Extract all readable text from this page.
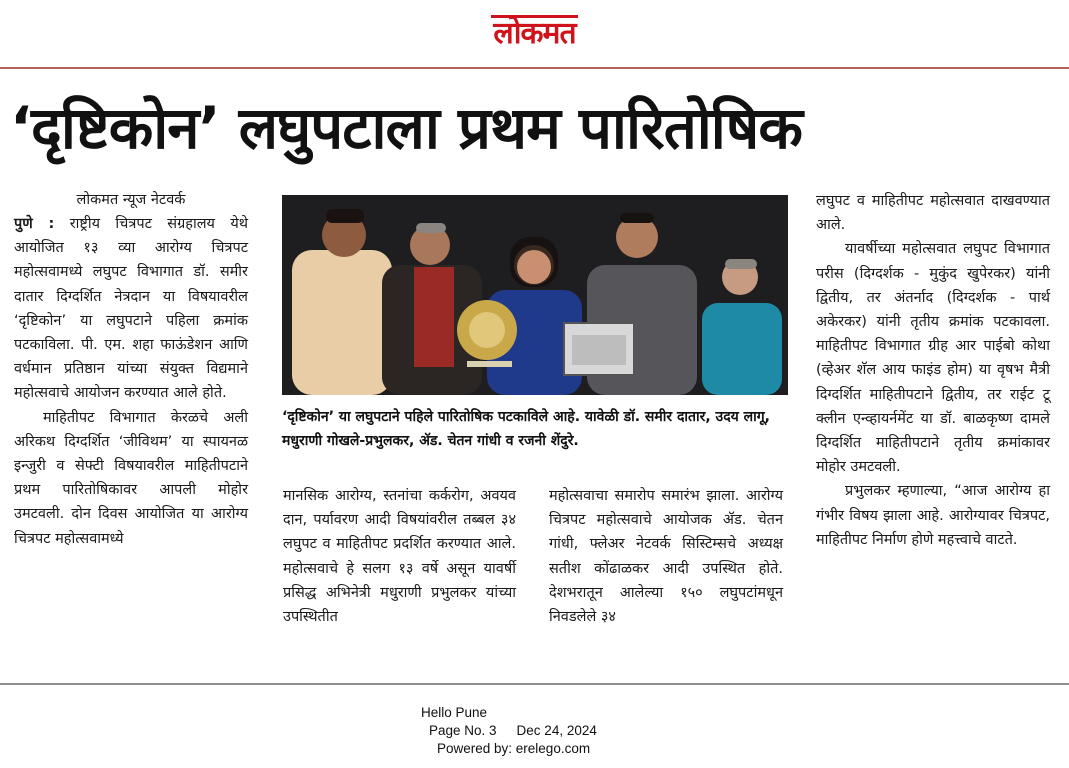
लोकमत
‘दृष्टिकोन’ लघुपटाला प्रथम पारितोषिक
लोकमत न्यूज नेटवर्क

पुणे : राष्ट्रीय चित्रपट संग्रहालय येथे आयोजित १३ व्या आरोग्य चित्रपट महोत्सवामध्ये लघुपट विभागात डॉ. समीर दातार दिग्दर्शित नेत्रदान या विषयावरील ‘दृष्टिकोन’ या लघुपटाने पहिला क्रमांक पटकाविला. पी. एम. शहा फाऊंडेशन आणि वर्धमान प्रतिष्ठान यांच्या संयुक्त विद्यमाने महोत्सवाचे आयोजन करण्यात आले होते.

माहितीपट विभागात केरळचे अली अरिकथ दिग्दर्शित ‘जीविथम’ या स्पायनळ इन्जुरी व सेफ्टी विषयावरील माहितीपटाने प्रथम पारितोषिकावर आपली मोहोर उमटवली. दोन दिवस आयोजित या आरोग्य चित्रपट महोत्सवामध्ये

‘दृष्टिकोन’ या लघुपटाने पहिले पारितोषिक पटकाविले आहे. यावेळी डॉ. समीर दातार, उदय लागू, मधुराणी गोखले-प्रभुलकर, ॲड. चेतन गांधी व रजनी शेंदुरे.

मानसिक आरोग्य, स्तनांचा कर्करोग, अवयव दान, पर्यावरण आदी विषयांवरील तब्बल ३४ लघुपट व माहितीपट प्रदर्शित करण्यात आले. महोत्सवाचे हे सलग १३ वर्षे असून यावर्षी प्रसिद्ध अभिनेत्री मधुराणी प्रभुलकर यांच्या उपस्थितीत

महोत्सवाचा समारोप समारंभ झाला. आरोग्य चित्रपट महोत्सवाचे आयोजक ॲड. चेतन गांधी, फ्लेअर नेटवर्क सिस्टिम्सचे अध्यक्ष सतीश कोंढाळकर आदी उपस्थित होते. देशभरातून आलेल्या १५० लघुपटांमधून निवडलेले ३४

लघुपट व माहितीपट महोत्सवात दाखवण्यात आले.

यावर्षीच्या महोत्सवात लघुपट विभागात परीस (दिग्दर्शक - मुकुंद खुपेरकर) यांनी द्वितीय, तर अंतर्नाद (दिग्दर्शक - पार्थ अकेरकर) यांनी तृतीय क्रमांक पटकावला. माहितीपट विभागात ग्रीह आर पाईबो कोथा (व्हेअर शॅल आय फाइंड होम) या वृषभ मैत्री दिग्दर्शित माहितीपटाने द्वितीय, तर राईट टू क्लीन एन्व्हायर्नमेंट या डॉ. बाळकृष्ण दामले दिग्दर्शित माहितीपटाने तृतीय क्रमांकावर मोहोर उमटवली.

प्रभुलकर म्हणाल्या, “आज आरोग्य हा गंभीर विषय झाला आहे. आरोग्यावर चित्रपट, माहितीपट निर्माण होणे महत्त्वाचे वाटते.

Hello Pune
Page No. 3 Dec 24, 2024
Powered by: erelego.com
